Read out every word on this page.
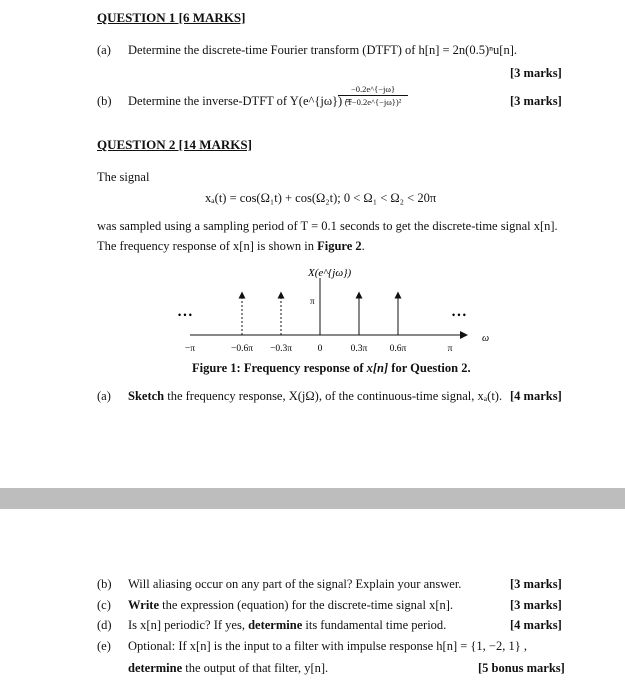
QUESTION 1 [6 MARKS]
(a) Determine the discrete-time Fourier transform (DTFT) of h[n] = 2n(0.5)ⁿu[n].
[3 marks]
(b) Determine the inverse-DTFT of Y(e^{jω}) =
−0.2e^{−jω}
(1−0.2e^{−jω})²	[3 marks]
QUESTION 2 [14 MARKS]
The signal
xₐ(t) = cos(Ω₁t) + cos(Ω₂t); 0 < Ω₁ < Ω₂ < 20π
was sampled using a sampling period of T = 0.1 seconds to get the discrete-time signal x[n].
The frequency response of x[n] is shown in Figure 2.
X(e^{jω})
π
• • •	• • •
ω
−π	−0.6π −0.3π	0	0.3π 0.6π	π
Figure 1: Frequency response of x[n] for Question 2.
(a) Sketch the frequency response, X(jΩ), of the continuous-time signal, xₐ(t). [4 marks]
(b) Will aliasing occur on any part of the signal? Explain your answer.	[3 marks]
(c) Write the expression (equation) for the discrete-time signal x[n].	[3 marks]
(d) Is x[n] periodic? If yes, determine its fundamental time period.	[4 marks]
(e) Optional: If x[n] is the input to a filter with impulse response h[n] = {1, −2, 1} ,
determine the output of that filter, y[n].	[5 bonus marks]
